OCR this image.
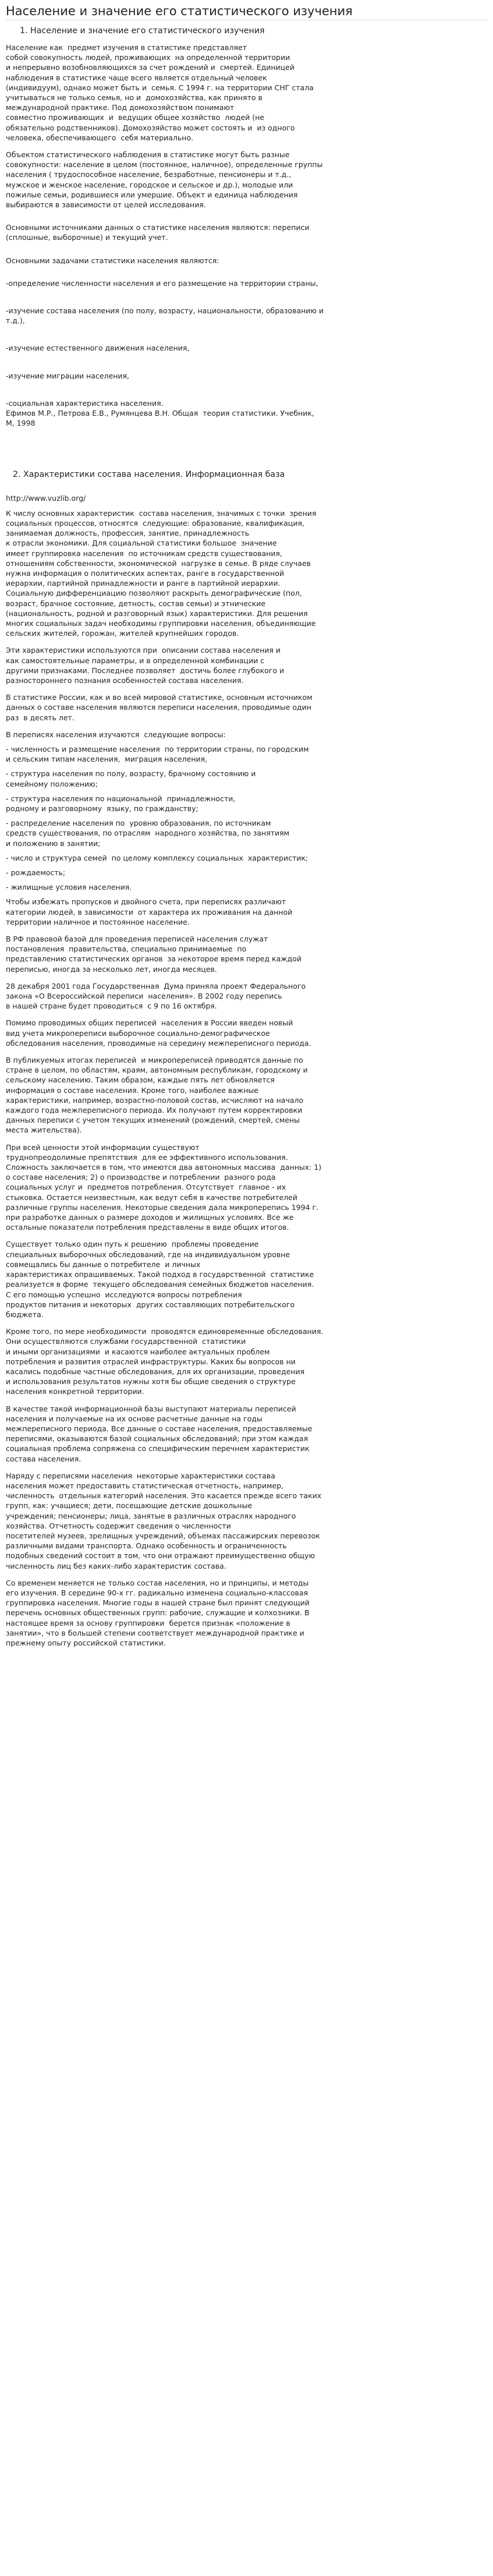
Население и значение его статистического изучения
1. Население и значение его статистического изучения

Население как  предмет изучения в статистике представляет
собой совокупность людей, проживающих  на определенной территории
и непрерывно возобновляющихся за счет рождений и  смертей. Единицей
наблюдения в статистике чаще всего является отдельный человек
(индивидуум), однако может быть и  семья. С 1994 г. на территории СНГ стала
учитываться не только семья, но и  домохозяйства, как принято в
международной практике. Под домохозяйством понимают
совместно проживающих  и  ведущих общее хозяйство  людей (не
обязательно родственников). Домохозяйство может состоять и  из одного
человека, обеспечивающего  себя материально.

Объектом статистического наблюдения в статистике могут быть разные
совокупности: население в целом (постоянное, наличное), определенные группы
населения ( трудоспособное население, безработные, пенсионеры и т.д.,
мужское и женское население, городское и сельское и др.), молодые или
пожилые семьи, родившиеся или умершие. Объект и единица наблюдения
выбираются в зависимости от целей исследования.

Основными источниками данных о статистике населения являются: переписи
(сплошные, выборочные) и текущий учет.

Основными задачами статистики населения являются:

-определение численности населения и его размещение на территории страны,

-изучение состава населения (по полу, возрасту, национальности, образованию и
т.д.),

-изучение естественного движения населения,

-изучение миграции населения,

-социальная характеристика населения.
Ефимов М.Р., Петрова Е.В., Румянцева В.Н. Общая  теория статистики. Учебник,
М, 1998

2. Характеристики состава населения. Информационная база

http://www.vuzlib.org/

К числу основных характеристик  состава населения, значимых с точки  зрения
социальных процессов, относятся  следующие: образование, квалификация,
занимаемая должность, профессия, занятие, принадлежность
к отрасли экономики. Для социальной статистики большое  значение
имеет группировка населения  по источникам средств существования,
отношениям собственности, экономической  нагрузке в семье. В ряде случаев
нужна информация о политических аспектах, ранге в государственной
иерархии, партийной принадлежности и ранге в партийной иерархии.
Социальную дифференциацию позволяют раскрыть демографические (пол,
возраст, брачное состояние, детность, состав семьи) и этнические
(национальность, родной и разговорный язык) характеристики. Для решения
многих социальных задач необходимы группировки населения, объединяющие
сельских жителей, горожан, жителей крупнейших городов.

Эти характеристики используются при  описании состава населения и
как самостоятельные параметры, и в определенной комбинации с
другими признаками. Последнее позволяет  достичь более глубокого и
разностороннего познания особенностей состава населения.

В статистике России, как и во всей мировой статистике, основным источником
данных о составе населения являются переписи населения, проводимые один
раз  в десять лет.

В переписях населения изучаются  следующие вопросы:

- численность и размещение населения  по территории страны, по городским
и сельским типам населения,  миграция населения,

- структура населения по полу, возрасту, брачному состоянию и
семейному положению;

- структура населения по национальной  принадлежности,
родному и разговорному  языку, по гражданству;

- распределение населения по  уровню образования, по источникам
средств существования, по отраслям  народного хозяйства, по занятиям
и положению в занятии;

- число и структура семей  по целому комплексу социальных  характеристик;

- рождаемость;

- жилищные условия населения.

Чтобы избежать пропусков и двойного счета, при переписях различают
категории людей, в зависимости  от характера их проживания на данной
территории наличное и постоянное население.

В РФ правовой базой для проведения переписей населения служат
постановления  правительства, специально принимаемые  по
представлению статистических органов  за некоторое время перед каждой
переписью, иногда за несколько лет, иногда месяцев.

28 декабря 2001 года Государственная  Дума приняла проект Федерального
закона «О Всероссийской переписи  населения». В 2002 году перепись
в нашей стране будет проводиться  с 9 по 16 октября.

Помимо проводимых общих переписей  населения в России введен новый
вид учета микропереписи выборочное социально-демографическое
обследования населения, проводимые на середину межпереписного периода.

В публикуемых итогах переписей  и микропереписей приводятся данные по
стране в целом, по областям, краям, автономным республикам, городскому и
сельскому населению. Таким образом, каждые пять лет обновляется
информация о составе населения. Кроме того, наиболее важные
характеристики, например, возрастно-половой состав, исчисляют на начало
каждого года межпереписного периода. Их получают путем корректировки
данных переписи с учетом текущих изменений (рождений, смертей, смены
места жительства).

При всей ценности этой информации существуют
труднопреодолимые препятствия  для ее эффективного использования.
Сложность заключается в том, что имеются два автономных массива  данных: 1)
о составе населения; 2) о производстве и потреблении  разного рода
социальных услуг и  предметов потребления. Отсутствует  главное - их
стыковка. Остается неизвестным, как ведут себя в качестве потребителей
различные группы населения. Некоторые сведения дала микроперепись 1994 г.
при разработке данных о размере доходов и жилищных условиях. Все же
остальные показатели потребления представлены в виде общих итогов.

Существует только один путь к решению  проблемы проведение
специальных выборочных обследований, где на индивидуальном уровне
совмещались бы данные о потребителе  и личных
характеристиках опрашиваемых. Такой подход в государственной  статистике
реализуется в форме  текущего обследования семейных бюджетов населения.
С его помощью успешно  исследуются вопросы потребления
продуктов питания и некоторых  других составляющих потребительского
бюджета.

Кроме того, по мере необходимости  проводятся единовременные обследования.
Они осуществляются службами государственной  статистики
и иными организациями  и касаются наиболее актуальных проблем
потребления и развития отраслей инфраструктуры. Каких бы вопросов ни
касались подобные частные обследования, для их организации, проведения
и использования результатов нужны хотя бы общие сведения о структуре
населения конкретной территории.

В качестве такой информационной базы выступают материалы переписей
населения и получаемые на их основе расчетные данные на годы
межпереписного периода. Все данные о составе населения, предоставляемые
переписями, оказываются базой социальных обследований; при этом каждая
социальная проблема сопряжена со специфическим перечнем характеристик
состава населения.

Наряду с переписями населения  некоторые характеристики состава
населения может предоставить статистическая отчетность, например,
численность  отдельных категорий населения. Это касается прежде всего таких
групп, как: учащиеся; дети, посещающие детские дошкольные
учреждения; пенсионеры; лица, занятые в различных отраслях народного
хозяйства. Отчетность содержит сведения о численности
посетителей музеев, зрелищных учреждений, объемах пассажирских перевозок
различными видами транспорта. Однако особенность и ограниченность
подобных сведений состоит в том, что они отражают преимущественно общую
численность лиц без каких-либо характеристик состава.

Со временем меняется не только состав населения, но и принципы, и методы
его изучения. В середине 90-х гг. радикально изменена социально-классовая
группировка населения. Многие годы в нашей стране был принят следующий
перечень основных общественных групп: рабочие, служащие и колхозники. В
настоящее время за основу группировки  берется признак «положение в
занятии», что в большей степени соответствует международной практике и
прежнему опыту российской статистики.
